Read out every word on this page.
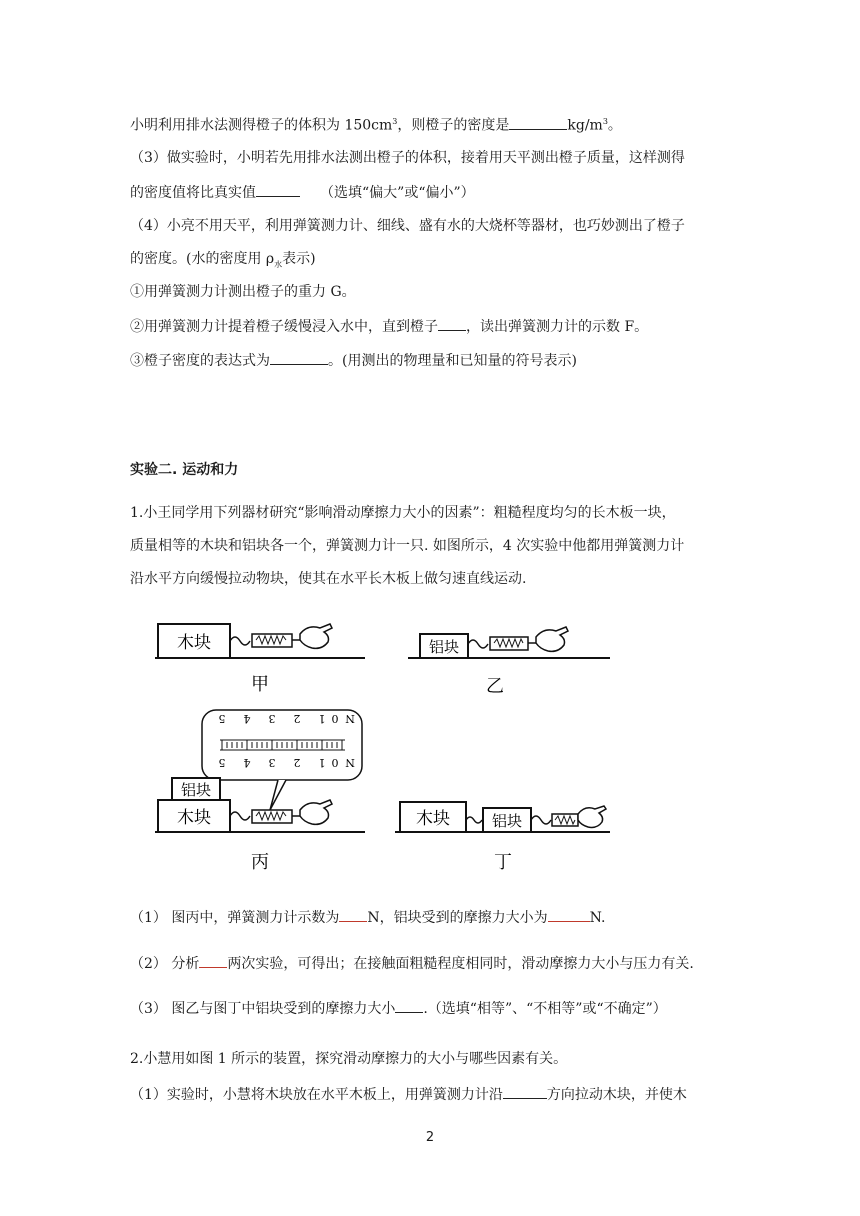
小明利用排水法测得橙子的体积为 $150cm^3$，则橙子的密度是	$kg/m^3$。
（3）做实验时，小明若先用排水法测出橙子的体积，接着用天平测出橙子质量，这样测得
的密度值将比真实值	（选填“偏大”或“偏小”）
（4）小亮不用天平，利用弹簧测力计、细线、盛有水的大烧杯等器材，也巧妙测出了橙子
的密度。(水的密度用 $\rho_水$表示)
①用弹簧测力计测出橙子的重力 G。
②用弹簧测力计提着橙子缓慢浸入水中，直到橙子 ，读出弹簧测力计的示数 F。
③橙子密度的表达式为	。(用测出的物理量和已知量的符号表示)
实验二. 运动和力
1.小王同学用下列器材研究“影响滑动摩擦力大小的因素”：粗糙程度均匀的长木板一块，
质量相等的木块和铝块各一个，弹簧测力计一只. 如图所示，4 次实验中他都用弹簧测力计
沿水平方向缓慢拉动物块，使其在水平长木板上做匀速直线运动.
木块
甲
铝块
乙
5 4 3 2 1 0 N
5 4 3 2 1 0 N
木块
铝块
丙
木块	铝块
丁
（1） 图丙中，弹簧测力计示数为 N，铝块受到的摩擦力大小为	N.
（2） 分析 两次实验，可得出；在接触面粗糙程度相同时，滑动摩擦力大小与压力有关.
（3） 图乙与图丁中铝块受到的摩擦力大小 .（选填“相等”、“不相等”或“不确定”）
2.小慧用如图 1 所示的装置，探究滑动摩擦力的大小与哪些因素有关。
（1）实验时，小慧将木块放在水平木板上，用弹簧测力计沿	方向拉动木块，并使木
2
